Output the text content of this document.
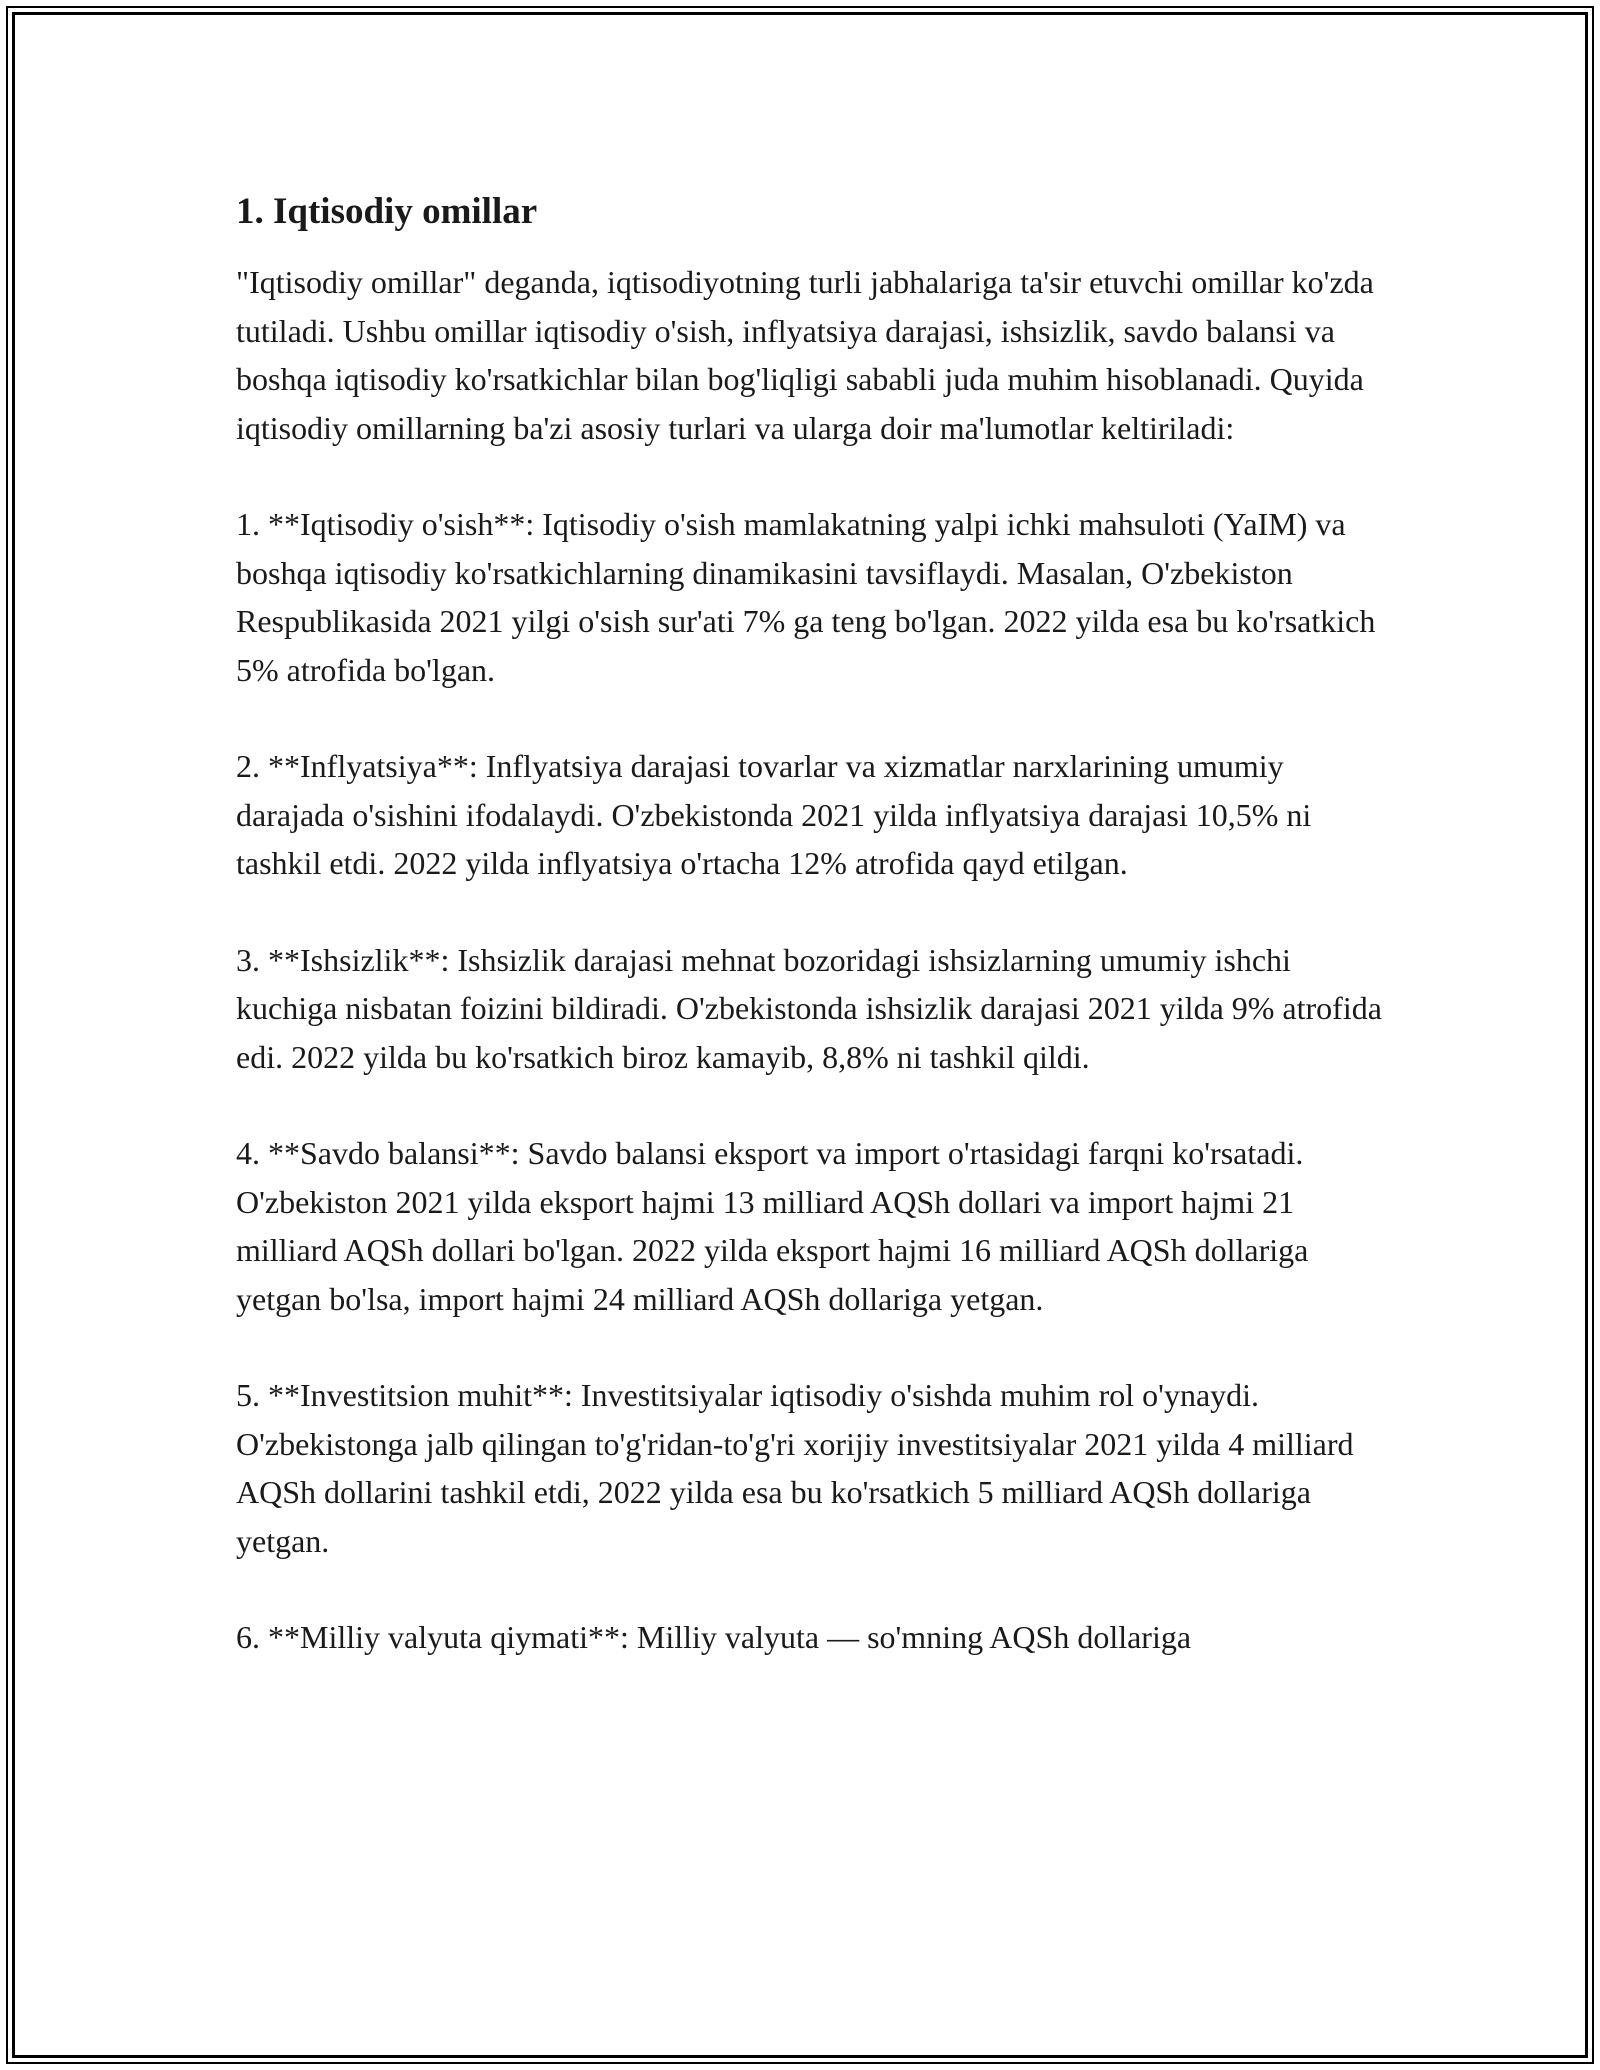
1. Iqtisodiy omillar

"Iqtisodiy omillar" deganda, iqtisodiyotning turli jabhalariga ta'sir etuvchi omillar ko'zda tutiladi. Ushbu omillar iqtisodiy o'sish, inflyatsiya darajasi, ishsizlik, savdo balansi va boshqa iqtisodiy ko'rsatkichlar bilan bog'liqligi sababli juda muhim hisoblanadi. Quyida iqtisodiy omillarning ba'zi asosiy turlari va ularga doir ma'lumotlar keltiriladi:

1. **Iqtisodiy o'sish**: Iqtisodiy o'sish mamlakatning yalpi ichki mahsuloti (YaIM) va boshqa iqtisodiy ko'rsatkichlarning dinamikasini tavsiflaydi. Masalan, O'zbekiston Respublikasida 2021 yilgi o'sish sur'ati 7% ga teng bo'lgan. 2022 yilda esa bu ko'rsatkich 5% atrofida bo'lgan.

2. **Inflyatsiya**: Inflyatsiya darajasi tovarlar va xizmatlar narxlarining umumiy darajada o'sishini ifodalaydi. O'zbekistonda 2021 yilda inflyatsiya darajasi 10,5% ni tashkil etdi. 2022 yilda inflyatsiya o'rtacha 12% atrofida qayd etilgan.

3. **Ishsizlik**: Ishsizlik darajasi mehnat bozoridagi ishsizlarning umumiy ishchi kuchiga nisbatan foizini bildiradi. O'zbekistonda ishsizlik darajasi 2021 yilda 9% atrofida edi. 2022 yilda bu ko'rsatkich biroz kamayib, 8,8% ni tashkil qildi.

4. **Savdo balansi**: Savdo balansi eksport va import o'rtasidagi farqni ko'rsatadi. O'zbekiston 2021 yilda eksport hajmi 13 milliard AQSh dollari va import hajmi 21 milliard AQSh dollari bo'lgan. 2022 yilda eksport hajmi 16 milliard AQSh dollariga yetgan bo'lsa, import hajmi 24 milliard AQSh dollariga yetgan.

5. **Investitsion muhit**: Investitsiyalar iqtisodiy o'sishda muhim rol o'ynaydi. O'zbekistonga jalb qilingan to'g'ridan-to'g'ri xorijiy investitsiyalar 2021 yilda 4 milliard AQSh dollarini tashkil etdi, 2022 yilda esa bu ko'rsatkich 5 milliard AQSh dollariga yetgan.

6. **Milliy valyuta qiymati**: Milliy valyuta — so'mning AQSh dollariga
